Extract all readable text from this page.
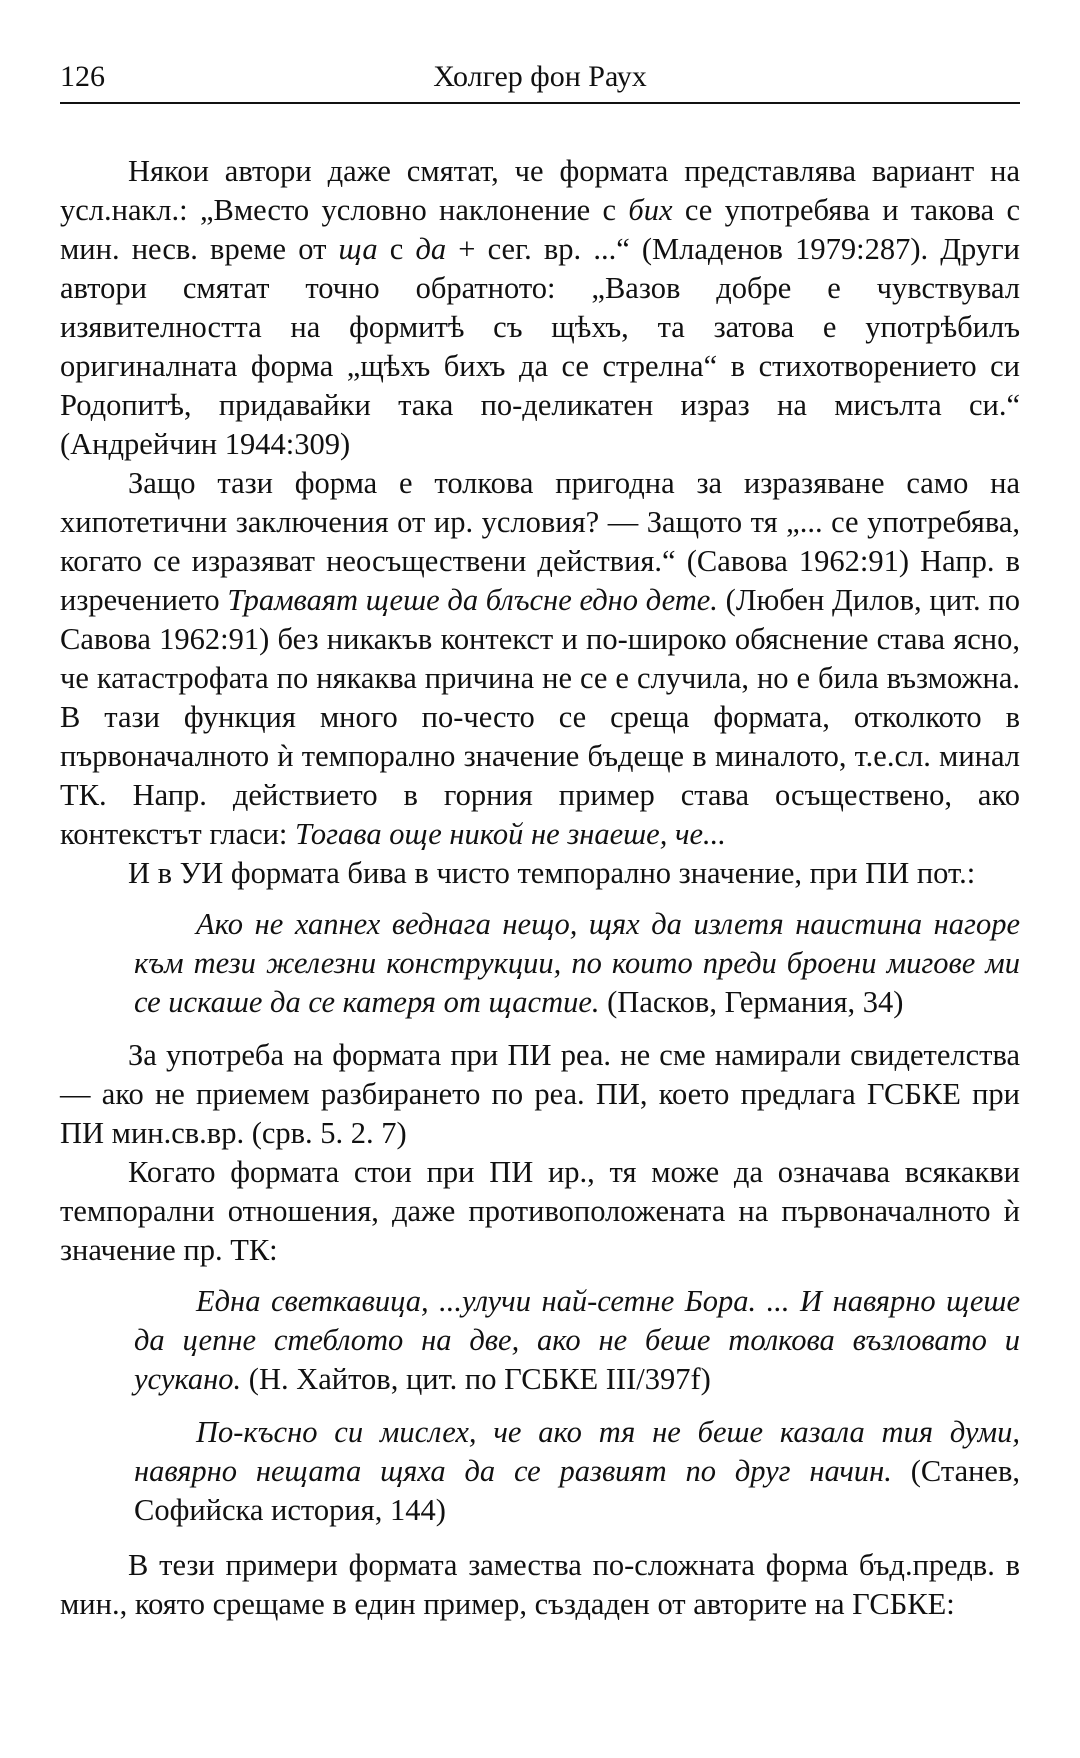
126	Холгер фон Раух

Някои автори даже смятат, че формата представлява вариант на усл.накл.: „Вместо условно наклонение с бих се употребява и такова с мин. несв. време от ща с да + сег. вр. ...“ (Младенов 1979:287). Други автори смятат точно обратното: „Вазов добре е чувствувал изявителността на формитѣ съ щѣхъ, та затова е употрѣбилъ оригиналната форма „щѣхъ бихъ да се стрелна“ в стихотворението си Родопитѣ, придавайки така по-деликатен израз на мисълта си.“ (Андрейчин 1944:309)

Защо тази форма е толкова пригодна за изразяване само на хипотетични заключения от ир. условия? — Защото тя „... се употребява, когато се изразяват неосъществени действия.“ (Савова 1962:91) Напр. в изречението Трамваят щеше да блъсне едно дете. (Любен Дилов, цит. по Савова 1962:91) без никакъв контекст и по-широко обяснение става ясно, че катастрофата по някаква причина не се е случила, но е била възможна. В тази функция много по-често се среща формата, отколкото в първоначалното ѝ темпорално значение бъдеще в миналото, т.е.сл. минал ТК. Напр. действието в горния пример става осъществено, ако контекстът гласи: Тогава още никой не знаеше, че...

И в УИ формата бива в чисто темпорално значение, при ПИ пот.:

Ако не хапнех веднага нещо, щях да излетя наистина нагоре към тези железни конструкции, по които преди броени мигове ми се искаше да се катеря от щастие. (Пасков, Германия, 34)

За употреба на формата при ПИ реа. не сме намирали свидетелства — ако не приемем разбирането по реа. ПИ, което предлага ГСБКЕ при ПИ мин.св.вр. (срв. 5. 2. 7)

Когато формата стои при ПИ ир., тя може да означава всякакви темпорални отношения, даже противоположената на първоначалното ѝ значение пр. ТК:

Една светкавица, ...улучи най-сетне Бора. ... И навярно щеше да цепне стеблото на две, ако не беше толкова възловато и усукано. (Н. Хайтов, цит. по ГСБКЕ III/397f)

По-късно си мислех, че ако тя не беше казала тия думи, навярно нещата щяха да се развият по друг начин. (Станев, Софийска история, 144)

В тези примери формата замества по-сложната форма бъд.предв. в мин., която срещаме в един пример, създаден от авторите на ГСБКЕ:
